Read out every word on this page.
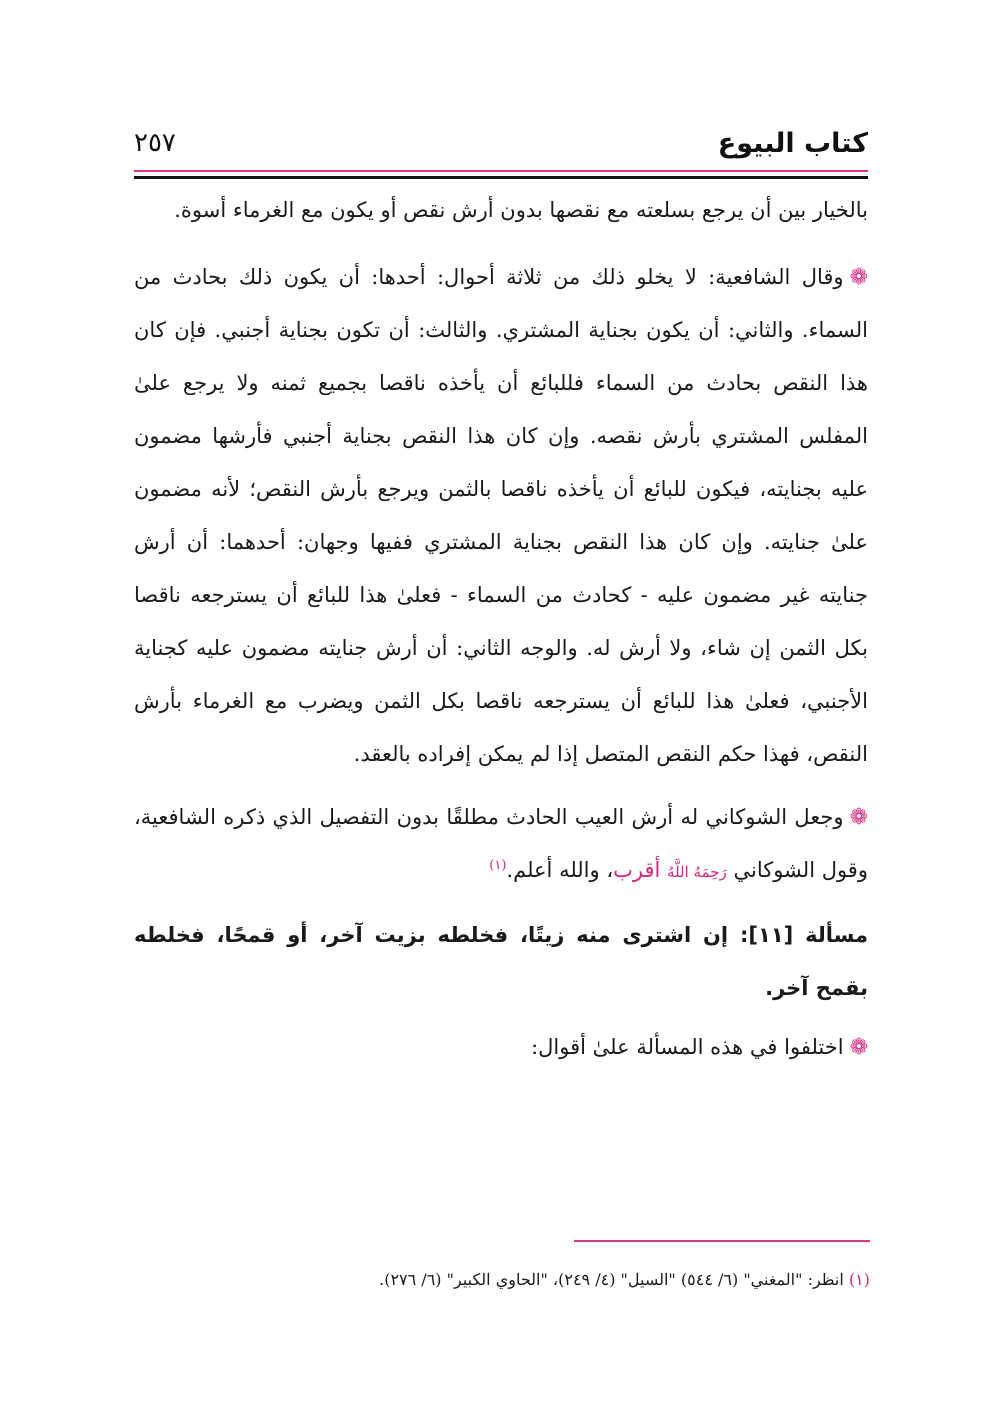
كتاب البيوع
٢٥٧

بالخيار بين أن يرجع بسلعته مع نقصها بدون أرش نقص أو يكون مع الغرماء أسوة.

❁وقال الشافعية: لا يخلو ذلك من ثلاثة أحوال: أحدها: أن يكون ذلك بحادث من السماء. والثاني: أن يكون بجناية المشتري. والثالث: أن تكون بجناية أجنبي. فإن كان هذا النقص بحادث من السماء فللبائع أن يأخذه ناقصا بجميع ثمنه ولا يرجع علىٰ المفلس المشتري بأرش نقصه. وإن كان هذا النقص بجناية أجنبي فأرشها مضمون عليه بجنايته، فيكون للبائع أن يأخذه ناقصا بالثمن ويرجع بأرش النقص؛ لأنه مضمون علىٰ جنايته. وإن كان هذا النقص بجناية المشتري ففيها وجهان: أحدهما: أن أرش جنايته غير مضمون عليه - كحادث من السماء - فعلىٰ هذا للبائع أن يسترجعه ناقصا بكل الثمن إن شاء، ولا أرش له. والوجه الثاني: أن أرش جنايته مضمون عليه كجناية الأجنبي، فعلىٰ هذا للبائع أن يسترجعه ناقصا بكل الثمن ويضرب مع الغرماء بأرش النقص، فهذا حكم النقص المتصل إذا لم يمكن إفراده بالعقد.

❁وجعل الشوكاني له أرش العيب الحادث مطلقًا بدون التفصيل الذي ذكره الشافعية، وقول الشوكاني رَحِمَهُ اللَّهُ أقرب، والله أعلم.$^{(١)}$

مسألة [١١]: إن اشترى منه زيتًا، فخلطه بزيت آخر، أو قمحًا، فخلطه بقمح آخر.

❁اختلفوا في هذه المسألة علىٰ أقوال:

(١) انظر: "المغني" (٦/ ٥٤٤) "السيل" (٤/ ٢٤٩)، "الحاوي الكبير" (٦/ ٢٧٦).
